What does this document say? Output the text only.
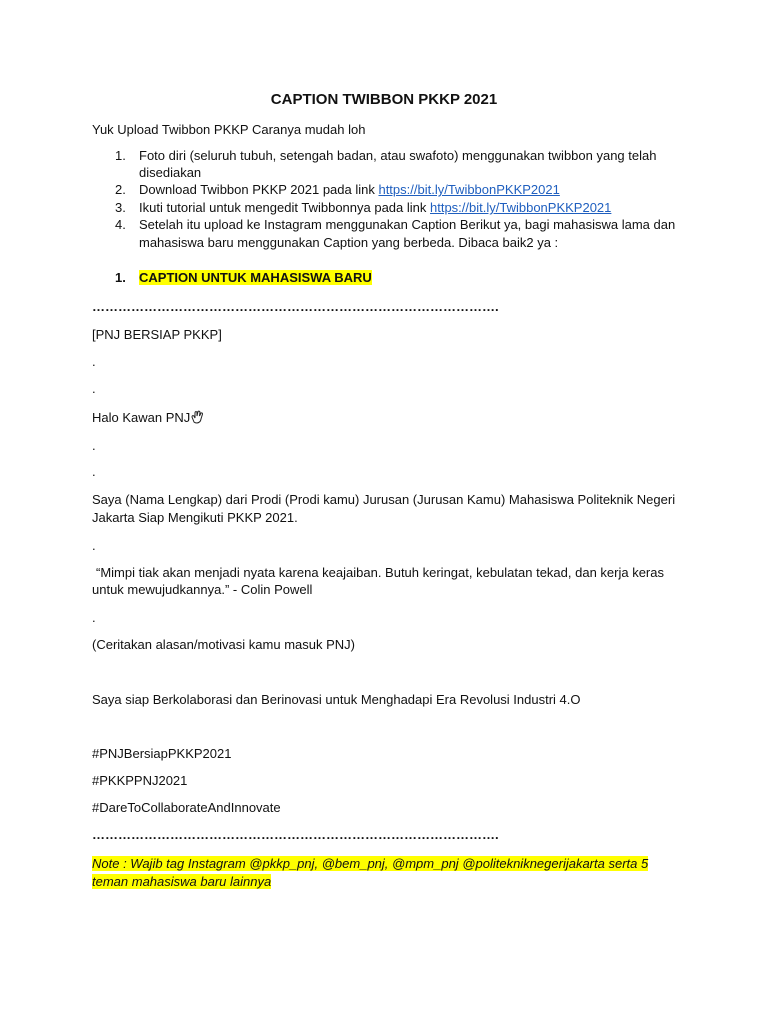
CAPTION TWIBBON PKKP 2021
Yuk Upload Twibbon PKKP Caranya mudah loh
1. Foto diri (seluruh tubuh, setengah badan, atau swafoto) menggunakan twibbon yang telah
disediakan
2. Download Twibbon PKKP 2021 pada link https://bit.ly/TwibbonPKKP2021
3. Ikuti tutorial untuk mengedit Twibbonnya pada link https://bit.ly/TwibbonPKKP2021
4. Setelah itu upload ke Instagram menggunakan Caption Berikut ya, bagi mahasiswa lama dan
mahasiswa baru menggunakan Caption yang berbeda. Dibaca baik2 ya :
1. CAPTION UNTUK MAHASISWA BARU
………………………………………………………………………………….
[PNJ BERSIAP PKKP]
.
.
Halo Kawan PNJ
.
.
Saya (Nama Lengkap) dari Prodi (Prodi kamu) Jurusan (Jurusan Kamu) Mahasiswa Politeknik Negeri
Jakarta Siap Mengikuti PKKP 2021.
.
“Mimpi tiak akan menjadi nyata karena keajaiban. Butuh keringat, kebulatan tekad, dan kerja keras
untuk mewujudkannya.” - Colin Powell
.
(Ceritakan alasan/motivasi kamu masuk PNJ)
Saya siap Berkolaborasi dan Berinovasi untuk Menghadapi Era Revolusi Industri 4.O
#PNJBersiapPKKP2021
#PKKPPNJ2021
#DareToCollaborateAndInnovate
………………………………………………………………………………….
Note : Wajib tag Instagram @pkkp_pnj, @bem_pnj, @mpm_pnj @politekniknegerijakarta serta 5
teman mahasiswa baru lainnya
